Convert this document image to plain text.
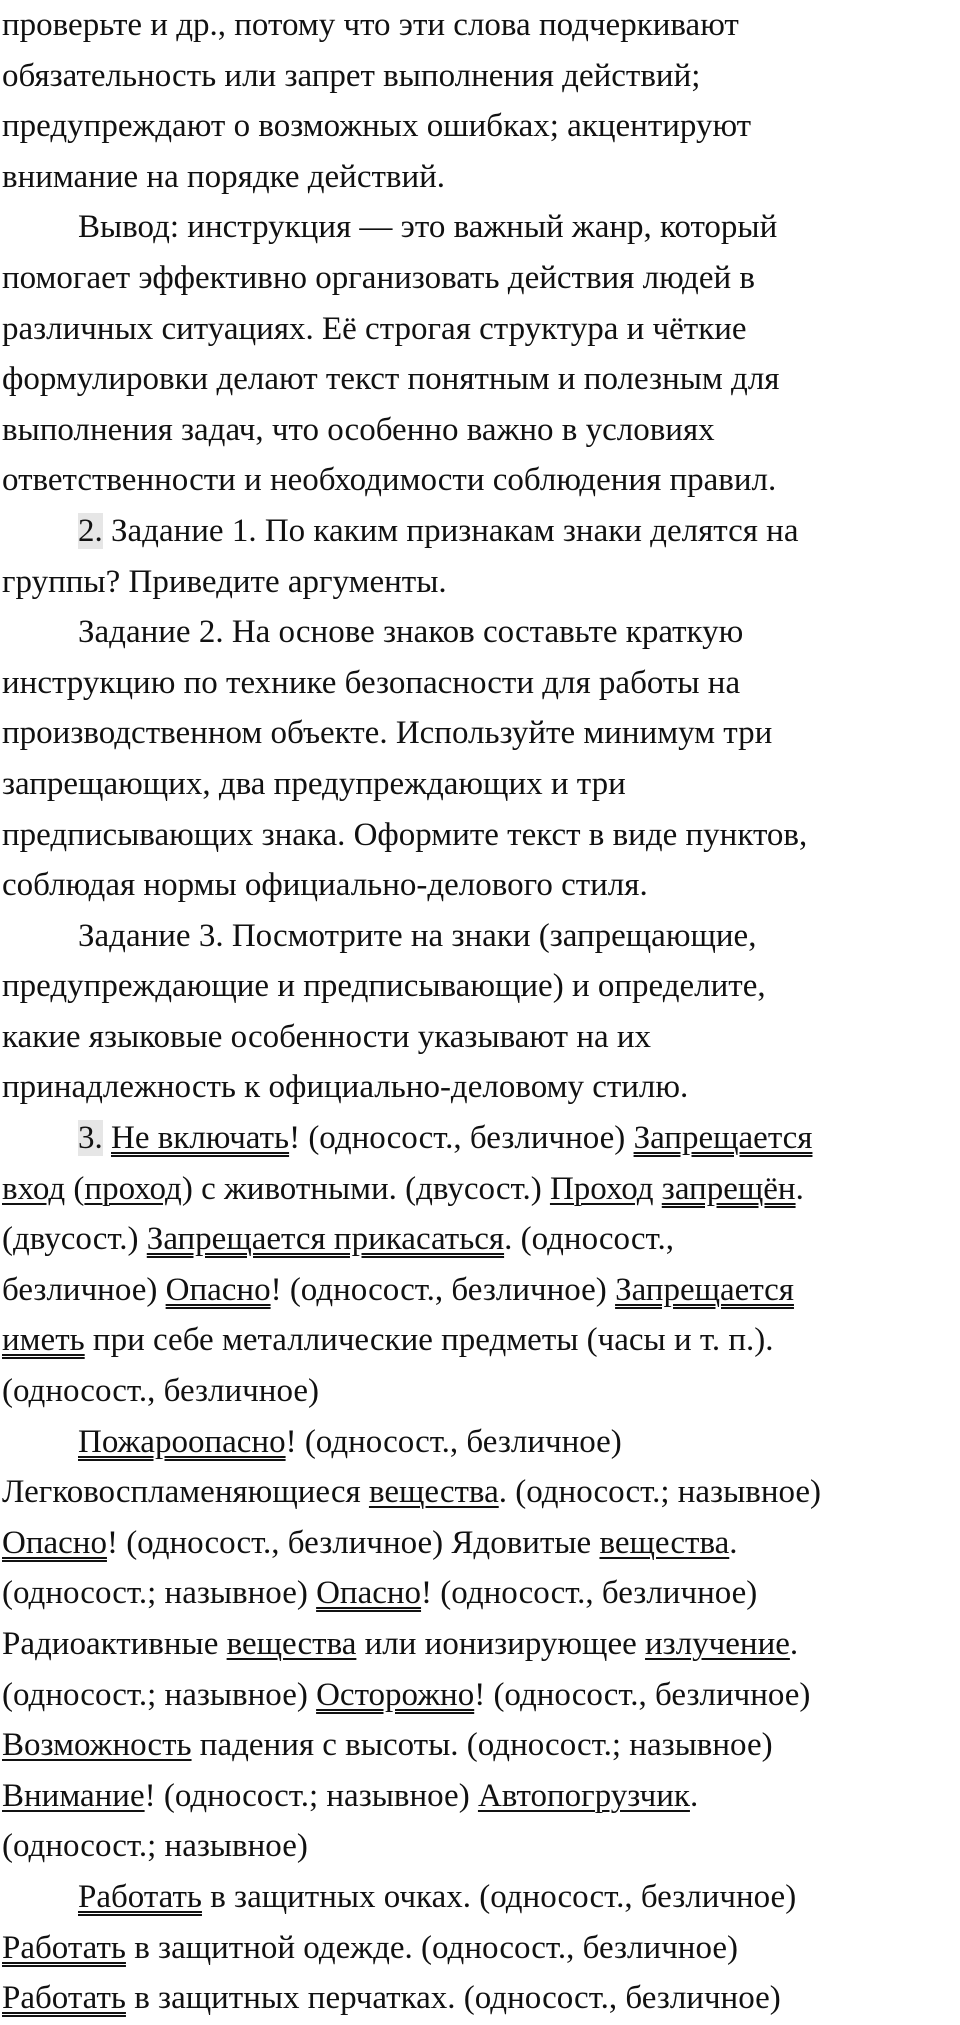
проверьте и др., потому что эти слова подчеркивают
обязательность или запрет выполнения действий;
предупреждают о возможных ошибках; акцентируют
внимание на порядке действий.
Вывод: инструкция — это важный жанр, который
помогает эффективно организовать действия людей в
различных ситуациях. Её строгая структура и чёткие
формулировки делают текст понятным и полезным для
выполнения задач, что особенно важно в условиях
ответственности и необходимости соблюдения правил.
2. Задание 1. По каким признакам знаки делятся на
группы? Приведите аргументы.
Задание 2. На основе знаков составьте краткую
инструкцию по технике безопасности для работы на
производственном объекте. Используйте минимум три
запрещающих, два предупреждающих и три
предписывающих знака. Оформите текст в виде пунктов,
соблюдая нормы официально-делового стиля.
Задание 3. Посмотрите на знаки (запрещающие,
предупреждающие и предписывающие) и определите,
какие языковые особенности указывают на их
принадлежность к официально-деловому стилю.
3. Не включать! (односост., безличное) Запрещается
вход (проход) с животными. (двусост.) Проход запрещён.
(двусост.) Запрещается прикасаться. (односост.,
безличное) Опасно! (односост., безличное) Запрещается
иметь при себе металлические предметы (часы и т. п.).
(односост., безличное)
Пожароопасно! (односост., безличное)
Легковоспламеняющиеся вещества. (односост.; назывное)
Опасно! (односост., безличное) Ядовитые вещества.
(односост.; назывное) Опасно! (односост., безличное)
Радиоактивные вещества или ионизирующее излучение.
(односост.; назывное) Осторожно! (односост., безличное)
Возможность падения с высоты. (односост.; назывное)
Внимание! (односост.; назывное) Автопогрузчик.
(односост.; назывное)
Работать в защитных очках. (односост., безличное)
Работать в защитной одежде. (односост., безличное)
Работать в защитных перчатках. (односост., безличное)
